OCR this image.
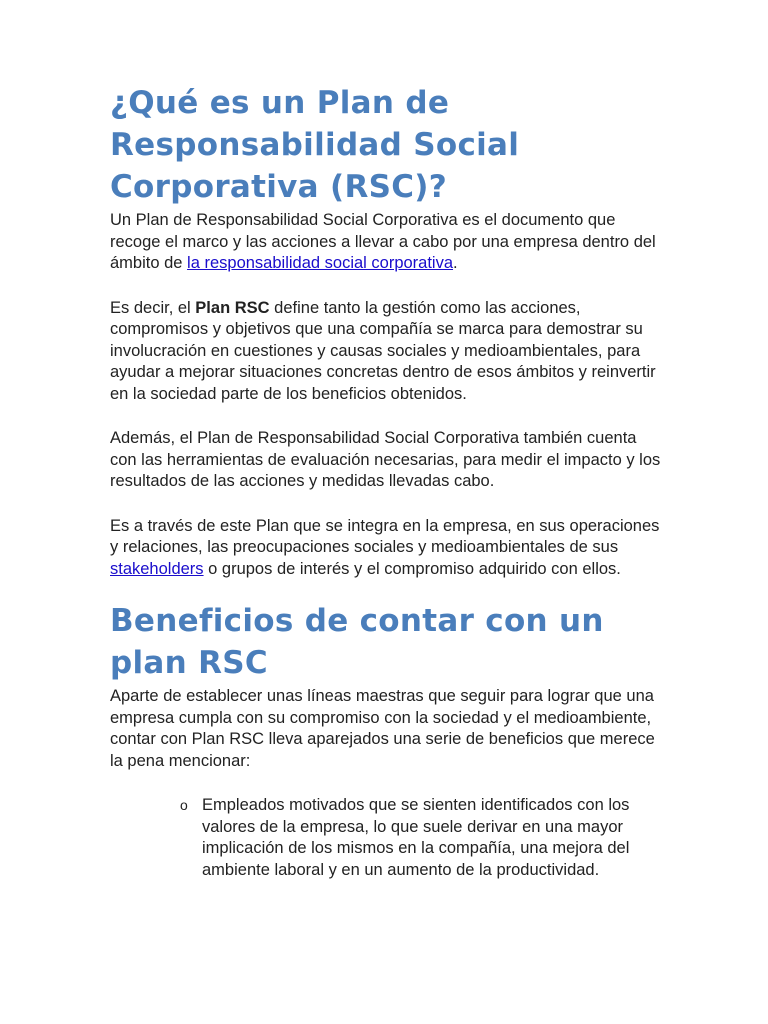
¿Qué es un Plan de Responsabilidad Social Corporativa (RSC)?

Un Plan de Responsabilidad Social Corporativa es el documento que recoge el marco y las acciones a llevar a cabo por una empresa dentro del ámbito de la responsabilidad social corporativa.

Es decir, el Plan RSC define tanto la gestión como las acciones, compromisos y objetivos que una compañía se marca para demostrar su involucración en cuestiones y causas sociales y medioambientales, para ayudar a mejorar situaciones concretas dentro de esos ámbitos y reinvertir en la sociedad parte de los beneficios obtenidos.

Además, el Plan de Responsabilidad Social Corporativa también cuenta con las herramientas de evaluación necesarias, para medir el impacto y los resultados de las acciones y medidas llevadas cabo.

Es a través de este Plan que se integra en la empresa, en sus operaciones y relaciones, las preocupaciones sociales y medioambientales de sus stakeholders o grupos de interés y el compromiso adquirido con ellos.

Beneficios de contar con un plan RSC

Aparte de establecer unas líneas maestras que seguir para lograr que una empresa cumpla con su compromiso con la sociedad y el medioambiente, contar con Plan RSC lleva aparejados una serie de beneficios que merece la pena mencionar:

o Empleados motivados que se sienten identificados con los valores de la empresa, lo que suele derivar en una mayor implicación de los mismos en la compañía, una mejora del ambiente laboral y en un aumento de la productividad.
